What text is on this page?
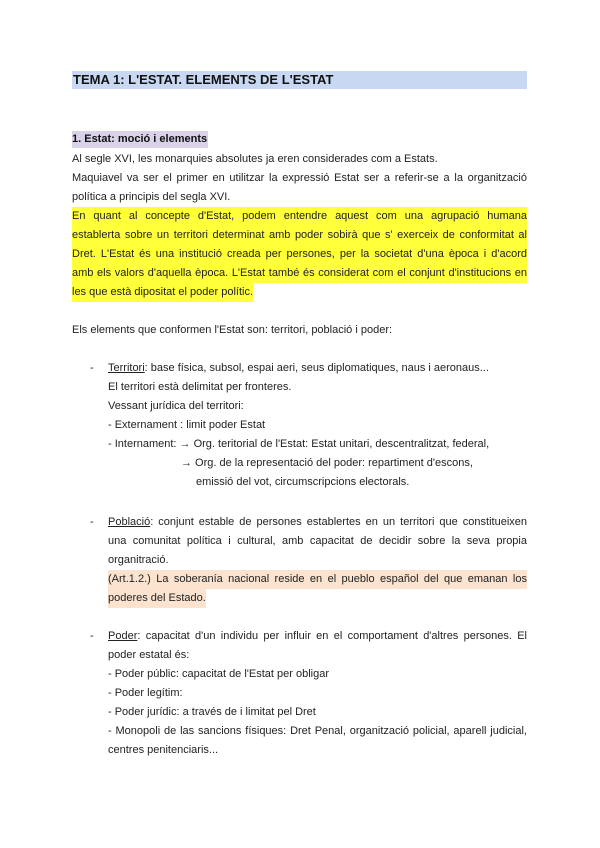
TEMA 1: L'ESTAT. ELEMENTS DE L'ESTAT
1. Estat: moció i elements
Al segle XVI, les monarquies absolutes ja eren considerades com a Estats.
Maquiavel va ser el primer en utilitzar la expressió Estat ser a referir-se a la organització
política a principis del segla XVI.
En quant al concepte d'Estat, podem entendre aquest com una agrupació humana
establerta sobre un territori determinat amb poder sobirà que s' exerceix de conformitat al
Dret. L'Estat és una institució creada per persones, per la societat d'una època i d'acord
amb els valors d'aquella època. L'Estat també és considerat com el conjunt d'institucions en
les que està dipositat el poder polític.
Els elements que conformen l'Estat son: territori, població i poder:
- Territori: base física, subsol, espai aeri, seus diplomatiques, naus i aeronaus...
El territori està delimitat per fronteres.
Vessant jurídica del territori:
- Externament : limit poder Estat
- Internament: → Org. teritorial de l'Estat: Estat unitari, descentralitzat, federal,
→ Org. de la representació del poder: repartiment d'escons,
emissió del vot, circumscripcions electorals.
- Població: conjunt estable de persones establertes en un territori que constitueixen
una comunitat política i cultural, amb capacitat de decidir sobre la seva propia
organitració.
(Art.1.2.) La soberanía nacional reside en el pueblo español del que emanan los
poderes del Estado.
- Poder: capacitat d'un individu per influir en el comportament d'altres persones. El
poder estatal és:
- Poder públic: capacitat de l'Estat per obligar
- Poder legítim:
- Poder jurídic: a través de i limitat pel Dret
- Monopoli de las sancions físiques: Dret Penal, organització policial, aparell judicial,
centres penitenciaris...
